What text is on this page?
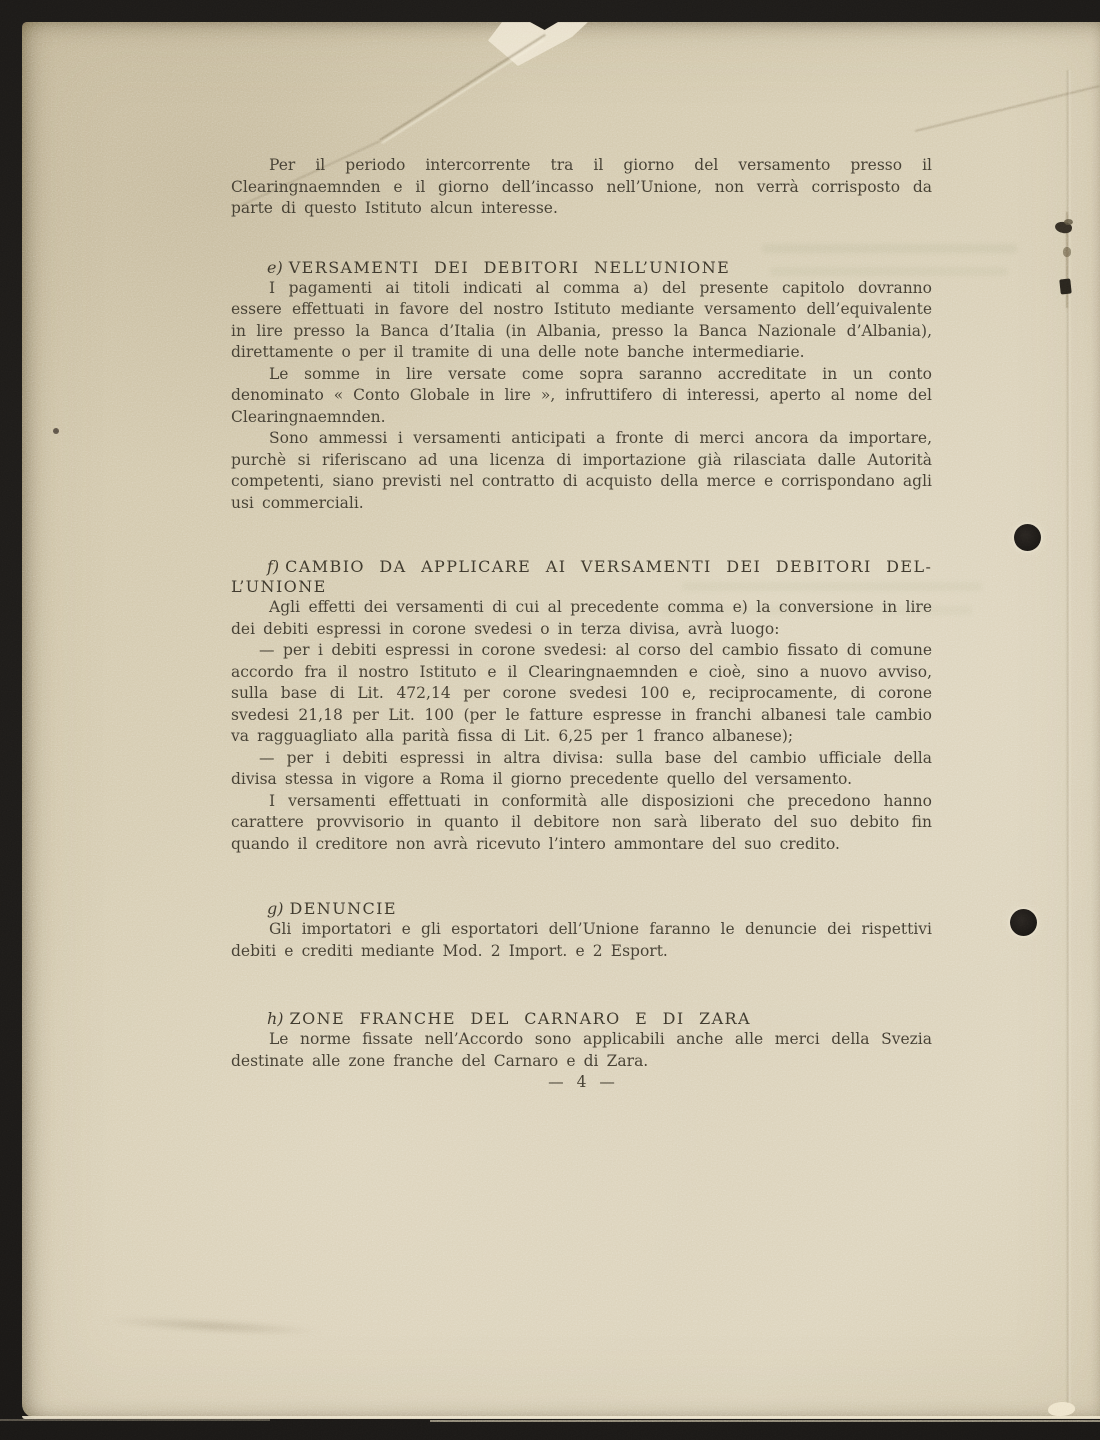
Per il periodo intercorrente tra il giorno del versamento presso il Clearingnaemnden e il giorno dell’incasso nell’Unione, non verrà corrisposto da parte di questo Istituto alcun interesse.

e) VERSAMENTI DEI DEBITORI NELL’UNIONE

I pagamenti ai titoli indicati al comma a) del presente capitolo dovranno essere effettuati in favore del nostro Istituto mediante versamento dell’equivalente in lire presso la Banca d’Italia (in Albania, presso la Banca Nazionale d’Albania), direttamente o per il tramite di una delle note banche intermediarie.

Le somme in lire versate come sopra saranno accreditate in un conto denominato « Conto Globale in lire », infruttifero di interessi, aperto al nome del Clearingnaemnden.

Sono ammessi i versamenti anticipati a fronte di merci ancora da importare, purchè si riferiscano ad una licenza di importazione già rilasciata dalle Autorità competenti, siano previsti nel contratto di acquisto della merce e corrispondano agli usi commerciali.

f) CAMBIO DA APPLICARE AI VERSAMENTI DEI DEBITORI DEL-
L’UNIONE

Agli effetti dei versamenti di cui al precedente comma e) la conversione in lire dei debiti espressi in corone svedesi o in terza divisa, avrà luogo:

— per i debiti espressi in corone svedesi: al corso del cambio fissato di comune accordo fra il nostro Istituto e il Clearingnaemnden e cioè, sino a nuovo avviso, sulla base di Lit. 472,14 per corone svedesi 100 e, reciprocamente, di corone svedesi 21,18 per Lit. 100 (per le fatture espresse in franchi albanesi tale cambio va ragguagliato alla parità fissa di Lit. 6,25 per 1 franco albanese);

— per i debiti espressi in altra divisa: sulla base del cambio ufficiale della divisa stessa in vigore a Roma il giorno precedente quello del versamento.

I versamenti effettuati in conformità alle disposizioni che precedono hanno carattere provvisorio in quanto il debitore non sarà liberato del suo debito fin quando il creditore non avrà ricevuto l’intero ammontare del suo credito.

g) DENUNCIE

Gli importatori e gli esportatori dell’Unione faranno le denuncie dei rispettivi debiti e crediti mediante Mod. 2 Import. e 2 Esport.

h) ZONE FRANCHE DEL CARNARO E DI ZARA

Le norme fissate nell’Accordo sono applicabili anche alle merci della Svezia destinate alle zone franche del Carnaro e di Zara.

— 4 —
